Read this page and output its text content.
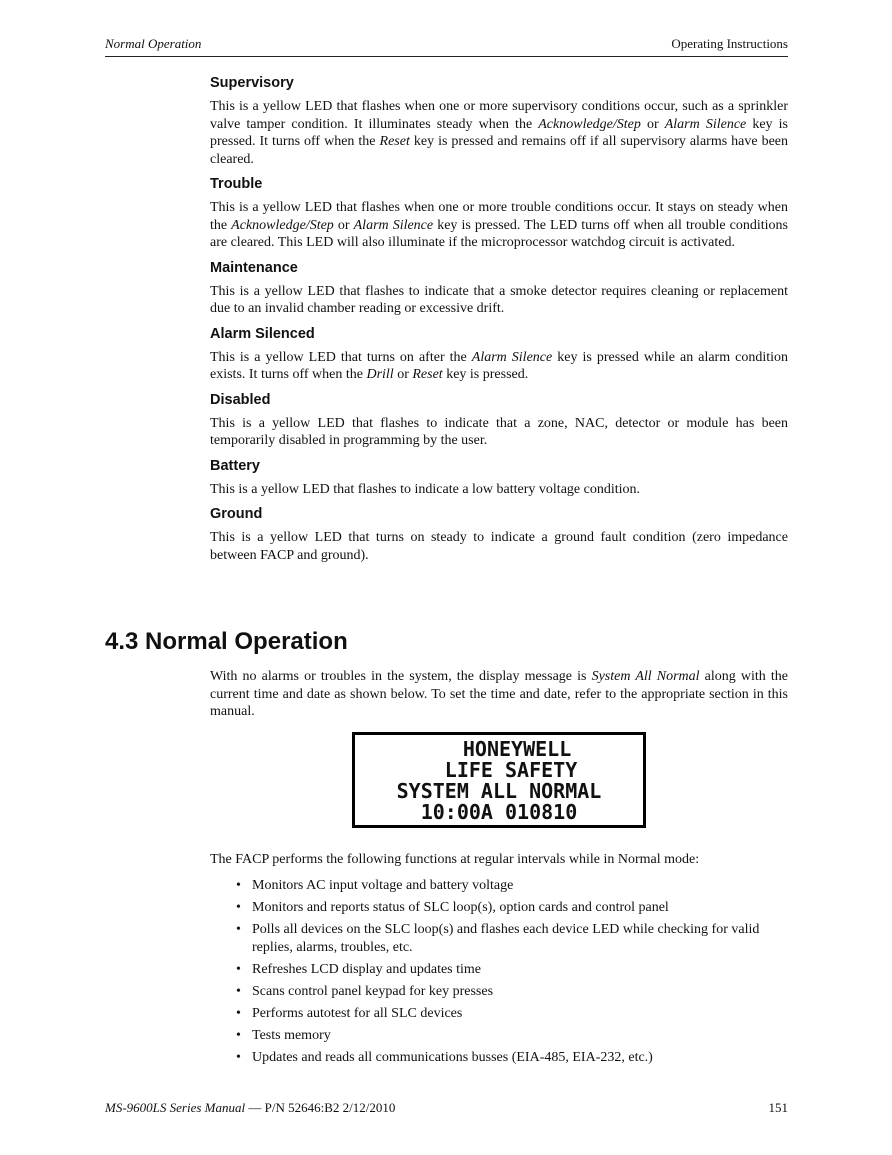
Normal Operation	Operating Instructions
Supervisory

This is a yellow LED that flashes when one or more supervisory conditions occur, such as a sprinkler valve tamper condition. It illuminates steady when the Acknowledge/Step or Alarm Silence key is pressed. It turns off when the Reset key is pressed and remains off if all supervisory alarms have been cleared.

Trouble

This is a yellow LED that flashes when one or more trouble conditions occur. It stays on steady when the Acknowledge/Step or Alarm Silence key is pressed. The LED turns off when all trouble conditions are cleared. This LED will also illuminate if the microprocessor watchdog circuit is activated.

Maintenance

This is a yellow LED that flashes to indicate that a smoke detector requires cleaning or replacement due to an invalid chamber reading or excessive drift.

Alarm Silenced

This is a yellow LED that turns on after the Alarm Silence key is pressed while an alarm condition exists. It turns off when the Drill or Reset key is pressed.

Disabled

This is a yellow LED that flashes to indicate that a zone, NAC, detector or module has been temporarily disabled in programming by the user.

Battery

This is a yellow LED that flashes to indicate a low battery voltage condition.

Ground

This is a yellow LED that turns on steady to indicate a ground fault condition (zero impedance between FACP and ground).

4.3 Normal Operation

With no alarms or troubles in the system, the display message is System All Normal along with the current time and date as shown below. To set the time and date, refer to the appropriate section in this manual.

HONEYWELL
LIFE SAFETY
SYSTEM ALL NORMAL
10:00A 010810

The FACP performs the following functions at regular intervals while in Normal mode:

• Monitors AC input voltage and battery voltage
• Monitors and reports status of SLC loop(s), option cards and control panel
• Polls all devices on the SLC loop(s) and flashes each device LED while checking for valid replies, alarms, troubles, etc.
• Refreshes LCD display and updates time
• Scans control panel keypad for key presses
• Performs autotest for all SLC devices
• Tests memory
• Updates and reads all communications busses (EIA-485, EIA-232, etc.)
MS-9600LS Series Manual — P/N 52646:B2 2/12/2010	151
